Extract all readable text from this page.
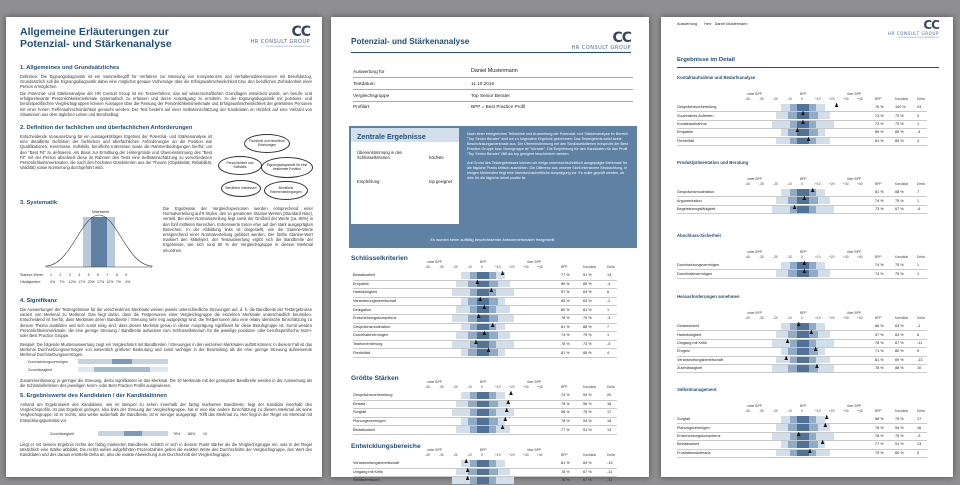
Allgemeine Erläuterungen zur Potenzial- und Stärkenanalyse
CC
HR CONSULT GROUP
ZUKUNFTSFÄHIGE PERSONALBERATUNG
1. Allgemeines und Grundsätzliches
Definition: Die Eignungsdiagnostik ist ein Sammelbegriff für Verfahren zur Messung von Kompetenzen und Verhaltensdimensionen mit Berufsbezug. Grundsätzlich soll die Eignungsdiagnostik dabei eine möglichst genaue Vorhersage über die Erfolgswahrscheinlichkeit bzw. den beruflichen Zufriedenheit einer Person ermöglichen.
Die Potenzial- und Stärkenanalyse der HR Consult Group ist ein Testverfahren, das auf wissenschaftlichen Grundlagen entwickelt wurde, um berufs- und erfolgsrelevante Persönlichkeitsmerkmale systematisch zu erfassen und deren Ausprägung zu ermitteln. In der Eignungsdiagnostik mit positions- und berufsspezifischen Vergleichsgruppen können Aussagen über die Passung der Persönlichkeitsmerkmale und Erfolgswahrscheinlichkeit der getesteten Personen mit einer hohen Trefferwahrscheinlichkeit gemacht werden. Der Test besteht auf einer Selbsteinschätzung der Kandidaten im Hinblick auf eine Vielzahl von Situationen aus dem täglichen Leben und Berufsalltag.
2. Definition der fachlichen und überfachlichen Anforderungen
Entscheidende Voraussetzung für ein aussagekräftiges Ergebnis der Potenzial- und Stärkenanalyse ist eine detaillierte Definition der fachlichen und überfachlichen Anforderungen an die Position wie Qualifikationen, Kenntnisse, Softskills, berufliche Interessen sowie die Rahmenbedingungen hierfür, um den "Best Fit" zu definieren. Als Basis zur Ermittlung der Hintergründe und Übereinstimmung des "Best Fit" mit der Person absolviert diese im Rahmen des Tests eine Selbsteinschätzung zu verschiedenen Persönlichkeitsmerkmalen, die nach den höchsten Gütekriterien aus der Theorie (Objektivität, Reliabilität, Validität) sowie Normierung durchgeführt wird.
Fachliche und berufliche Erfahrungen
Persönlichkeit und Softskills	Eignungsdiagnostik für eine bestimmte Position
Berufliche Interessen	Berufliche Rahmenbedingungen
3. Systematik
Mittelwerte
Stanine-Werte: 1 2 3 4 5 6 7 8 9
Häufigkeiten:	4% 7% 12% 17% 20% 17% 12% 7% 4%
Die Ergebnisse der Vergleichspersonen werden entsprechend einer Normalverteilung auf 9 Stufen, den so genannten Stanine-Werten (Standard Nine), verteilt. Bei einer Normalverteilung liegt somit der Großteil der Werte (ca. 80%) in den fünf mittleren Bereichen. Extremwerte treten eher auf den stark ausgeprägten Bereichen. In der Abbildung links ist dargestellt, wie die Stanine-Werte entsprechend einer Normalverteilung gebildet werden. Der fünfte Stanine-Wert markiert den Mittelwert, der Testauswertung ergibt sich die Bandbreite der Ergebnisse, wie sich rund 80 % der Vergleichsgruppe in diesem Merkmal einordnen.
4. Signifikanz
Die Auswertungen der Testergebnisse für die verschiedenen Merkmale weisen jeweils unterschiedliche Streuungen auf, d. h. die Bandbreite der Testergebnisse variiert von Merkmal zu Merkmal. Das liegt daran, dass die Testpersonen einer Vergleichsgruppe die einzelnen Merkmale unterschiedlich beurteilen. Entscheidend ist hierfür, dass Merkmale deren Bandbreite / Streuung sehr eng ausgeprägt sind, die Testpersonen also eine relativ identische Einschätzung zu diesem Thema ausbilden und sich somit einig sind, dass dieses Merkmal genau in dieser Ausprägung signifikant für diese Berufsgruppe ist. Somit werden Persönlichkeitsmerkmale, die eine geringe Streuung / Bandbreite aufweisen zum Schlüsselkriterium für die jeweilige positions- oder berufsspezifische Norm- oder Best Practice Gruppe.
Beispiel: Die folgende Musterauswertung zeigt ein Vergleichskrit mit Bandbreiten / Streuungen in den einzelnen Merkmalen auftritt können: In diesem Fall ist das Merkmal Durchsetzungsvermögen von wesentlich größerer Bedeutung und somit wichtiger in der Beurteilung als die eher geringe Streuung aufweisende Merkmal Durchsetzungsvermögen.
Durchsetzungsvermögen
Zuverlässigkeit
Zusammenfassung: je geringer die Streuung, desto signifikanter ist das Merkmal. Die 10 Merkmale mit der geringsten Bandbreite werden in der Auswertung als die Schlüsselkriterien des jeweiligen Norm- oder Best Practice Profils ausgewiesen.
5. Ergebniswerte des Kandidaten / der Kandidatinnen
Anhand am Ergebniswert des Kandidaten, wie im Beispiel zu sehen innerhalb der farbig markierten Bandbreite, liegt der Kandidat innerhalb des Vergleichsprofils. Ist das Ergebnis geringer, also links der Streuung der Vergleichsgruppe, hat er eine klar andere Einschätzung zu diesem Merkmal als seine Vergleichsgruppe, ist er rechts, also weiter außerhalb der Bandbreite, ist er weniger ausgeprägt. Trifft das Merkmal zu, Hier liegt in der Regel ein Merkmal mit Entwicklungspotential vor.
Zuverlässigkeit	78% 88% 10
Liegt er mit seinem Ergebnis rechts der farbig markierten Bandbreite, schätzt er sich in diesem Punkt stärker als die Vergleichsgruppe ein, was in der Regel tatsächlich eine Stärke abbildet. Die rechts außen aufgeführten Prozentzahlen geben die exakten Werte des Durchschnitts der Vergleichsgruppe, den Wert des Kandidaten und des daraus ermittelte Delta an, also die exakte Abweichung zum Durchschnitt der Vergleichsgruppe.
Potenzial- und Stärkenanalyse	CC
HR CONSULT GROUP
ZUKUNFTSFÄHIGE PERSONALBERATUNG
Auswertung für	Daniel Mustermann
Testdatum	11.10.2016
Vergleichsgruppe	Top Senior Berater
Profilart	BPP = Best Practice Profil
Zentrale Ergebnisse
Übereinstimmung in den Schlüsselkriterien:	höchste
Empfehlung:	top geeignet
Nach einer erfolgreichen Teilnahme und Auswertung der Potenzial- und Stärkenanalyse im Bereich "Top Senior Berater" sind wir zu folgendem Ergebnis gekommen: Das Testergebnis weist keine Beschränkungsmerkmale aus. Die Übereinstimmung mit den Schlüsselkriterien entspricht der Best Practice-Gruppe bzw. Normgruppe ist "höchste". Die Empfehlung für den Kandidaten für das Profil "Top Senior Berater" fällt als top geeignet beschrieben werden.
Auf Grund des Testergebnisses können wir einige unterdurchschnittlich ausgeprägte Merkmale für die tägliche Praxis kritisch ausrichten. Die Differenz aus unserer Sicht intensivere Beobachtung, in einigen Merkmalen liegt eine überdurchschnittliche Ausprägung vor. Es sollte geprüft werden, ob dies für die tägliche Arbeit positiv ist.
Es wurden keine auffällig beschränkende Antwortmerkmalen festgestellt.
Schlüsselkriterien	unter BPP	BPP	über BPP
-40	-30	-20	-10	0	+10	+20	+30	+40	BPP	Kandidat	Delta
Belastbarkeit	♟	77 %	91 %	13
Empathie	♟	89 %	85 %	-4
Hartnäckigkeit	♟	57 %	63 %	6
Veränderungsbereitschaft	♟	65 %	63 %	-2
Delegation	♟	80 %	81 %	1
Entscheidungskompetenz	♟	78 %	75 %	-3
Gesprächsmoderation	♟	81 %	88 %	7
Durchhaltevermögen	♟	74 %	75 %	1
Teamorientierung	♟	78 %	73 %	-5
Flexibilität	♟	81 %	85 %	4
Größte Stärken	unter BPP	BPP	über BPP
-40	-30	-20	-10	0	+10	+20	+30	+40	BPP	Kandidat	Delta
Gesprächsvorbereitung	♟	74 %	94 %	20
Einsatz	♟	78 %	96 %	18
Sorgfalt	♟	58 %	75 %	17
Planungsvermögen	♟	78 %	94 %	16
Belastbarkeit	♟	77 %	91 %	13
Entwicklungsbereiche unter BPP	BPP	über BPP
-40	-30	-20	-10	0	+10	+20	+30	+40	BPP	Kandidat	Delta
Verantwortungsbereitschaft	♟	81 %	69 %	-13
Umgang mit Kritik	♟	78 %	67 %	-11
Selbstvertrauen	♟	78 %	67 %	-11
Auswertung Herr Daniel Mustermann	CC
HR CONSULT GROUP
ZUKUNFTSFÄHIGE PERSONALBERATUNG
Ergebnisse im Detail
Kontaktaufnahme und Bedarfsanalyse
unter BPP	BPP	über BPP
-40	-30	-20	-10	0	+10	+20	+30	+40	BPP	Kandidat	Delta
Gesprächsvorbereitung	♟	76 %	100 %	24
Souveränes Auftreten	♟	73 %	73 %	0
Kontaktaufnahme	♟	73 %	73 %	1
Empathie	♟	89 %	85 %	-4
Flexibilität	♟	81 %	85 %	4
Produktpräsentation und Beratung
unter BPP	BPP	über BPP
-40	-30	-20	-10	0	+10	+20	+30	+40	BPP	Kandidat	Delta
Gesprächsmoderation	♟	81 %	88 %	7
Argumentation	♟	74 %	75 %	1
Begeisterungsfähigkeit	♟	73 %	67 %	-6
Abschluss-Sicherheit
unter BPP	BPP	über BPP
-40	-30	-20	-10	0	+10	+20	+30	+40	BPP	Kandidat	Delta
Durchsetzungsvermögen	♟	74 %	75 %	1
Durchhaltevermögen	♟	74 %	75 %	1
Herausforderungen annehmen
unter BPP	BPP	über BPP
-40	-30	-20	-10	0	+10	+20	+30	+40	BPP	Kandidat	Delta
Gelassenheit	♟	66 %	63 %	-1
Hartnäckigkeit	♟	57 %	63 %	6
Umgang mit Kritik	♟	78 %	67 %	-11
Ehrgeiz	♟	71 %	80 %	9
Verantwortungsbereitschaft	♟	81 %	69 %	-13
Zuverlässigkeit	♟	78 %	88 %	10
Selbstmanagement
unter BPP	BPP	über BPP
-40	-30	-20	-10	0	+10	+20	+30	+40	BPP	Kandidat	Delta
Sorgfalt	♟	58 %	75 %	17
Planungsvermögen	♟	78 %	94 %	16
Entscheidungskompetenz	♟	78 %	75 %	-3
Belastbarkeit	♟	77 %	91 %	13
Frustrationstoleranz	♟	75 %	80 %	5
